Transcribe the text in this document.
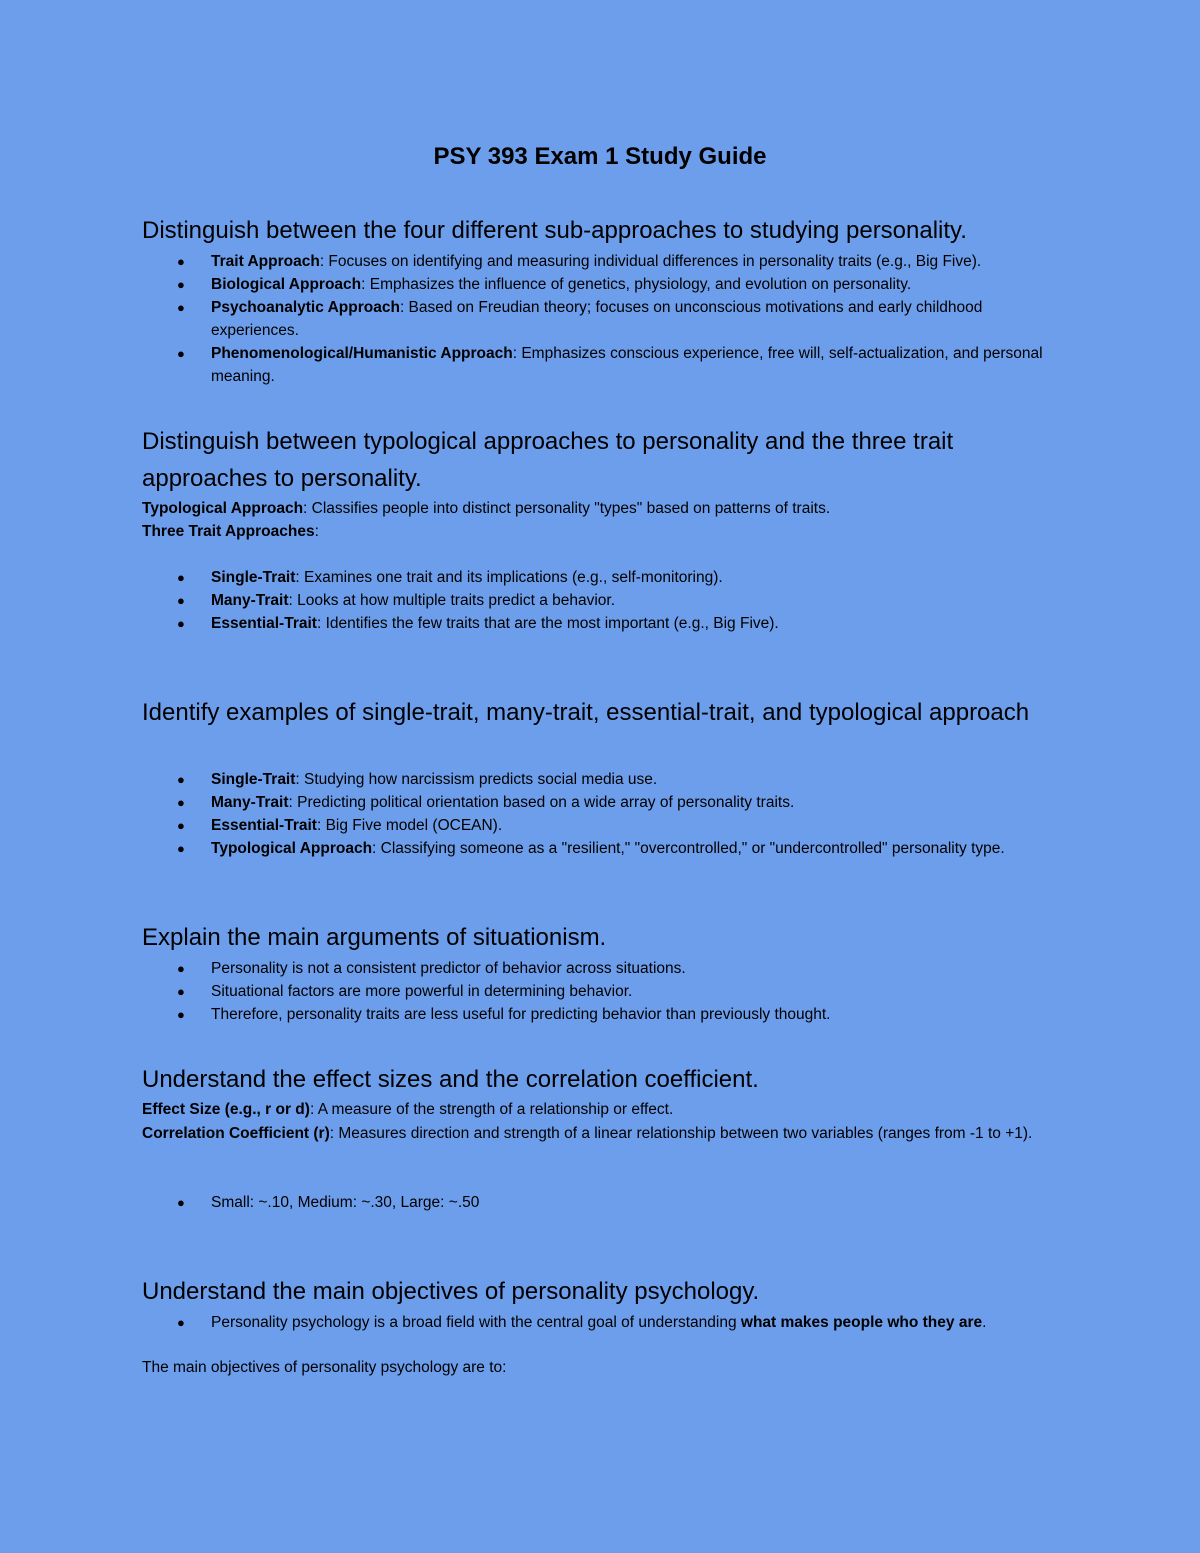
PSY 393 Exam 1 Study Guide
Distinguish between the four different sub-approaches to studying personality.
● Trait Approach: Focuses on identifying and measuring individual differences in personality traits (e.g., Big Five).
● Biological Approach: Emphasizes the influence of genetics, physiology, and evolution on personality.
● Psychoanalytic Approach: Based on Freudian theory; focuses on unconscious motivations and early childhood experiences.
● Phenomenological/Humanistic Approach: Emphasizes conscious experience, free will, self-actualization, and personal meaning.
Distinguish between typological approaches to personality and the three trait approaches to personality.
Typological Approach: Classifies people into distinct personality "types" based on patterns of traits.
Three Trait Approaches:
● Single-Trait: Examines one trait and its implications (e.g., self-monitoring).
● Many-Trait: Looks at how multiple traits predict a behavior.
● Essential-Trait: Identifies the few traits that are the most important (e.g., Big Five).
Identify examples of single-trait, many-trait, essential-trait, and typological approach
● Single-Trait: Studying how narcissism predicts social media use.
● Many-Trait: Predicting political orientation based on a wide array of personality traits.
● Essential-Trait: Big Five model (OCEAN).
● Typological Approach: Classifying someone as a "resilient," "overcontrolled," or "undercontrolled" personality type.
Explain the main arguments of situationism.
● Personality is not a consistent predictor of behavior across situations.
● Situational factors are more powerful in determining behavior.
● Therefore, personality traits are less useful for predicting behavior than previously thought.
Understand the effect sizes and the correlation coefficient.
Effect Size (e.g., r or d): A measure of the strength of a relationship or effect.
Correlation Coefficient (r): Measures direction and strength of a linear relationship between two variables (ranges from -1 to +1).
● Small: ~.10, Medium: ~.30, Large: ~.50
Understand the main objectives of personality psychology.
● Personality psychology is a broad field with the central goal of understanding what makes people who they are.
The main objectives of personality psychology are to:
